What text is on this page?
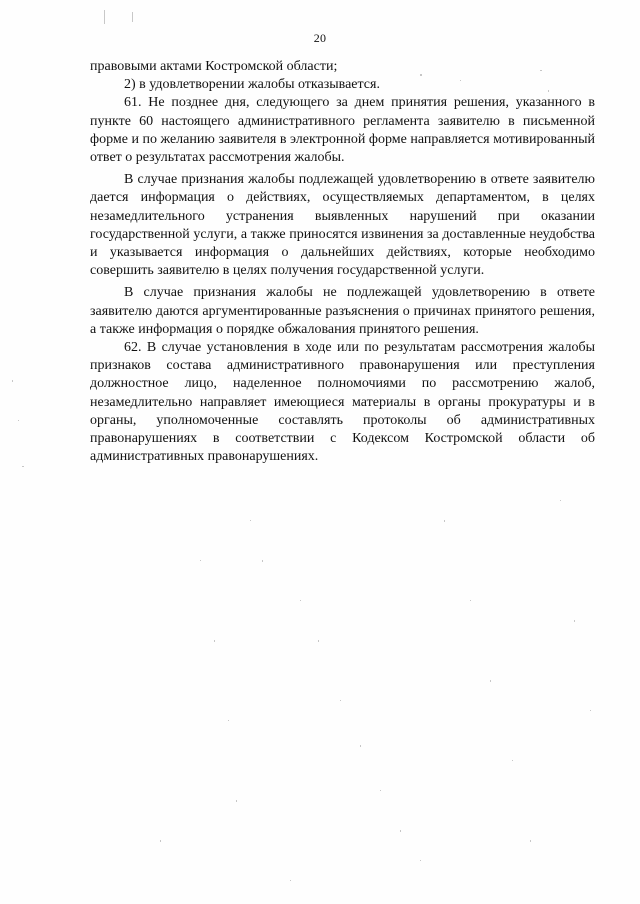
20

правовыми актами Костромской области;

2) в удовлетворении жалобы отказывается.

61. Не позднее дня, следующего за днем принятия решения, указанного в пункте 60 настоящего административного регламента заявителю в письменной форме и по желанию заявителя в электронной форме направляется мотивированный ответ о результатах рассмотрения жалобы.

В случае признания жалобы подлежащей удовлетворению в ответе заявителю дается информация о действиях, осуществляемых департаментом, в целях незамедлительного устранения выявленных нарушений при оказании государственной услуги, а также приносятся извинения за доставленные неудобства и указывается информация о дальнейших действиях, которые необходимо совершить заявителю в целях получения государственной услуги.

В случае признания жалобы не подлежащей удовлетворению в ответе заявителю даются аргументированные разъяснения о причинах принятого решения, а также информация о порядке обжалования принятого решения.

62. В случае установления в ходе или по результатам рассмотрения жалобы признаков состава административного правонарушения или преступления должностное лицо, наделенное полномочиями по рассмотрению жалоб, незамедлительно направляет имеющиеся материалы в органы прокуратуры и в органы, уполномоченные составлять протоколы об административных правонарушениях в соответствии с Кодексом Костромской области об административных правонарушениях.
